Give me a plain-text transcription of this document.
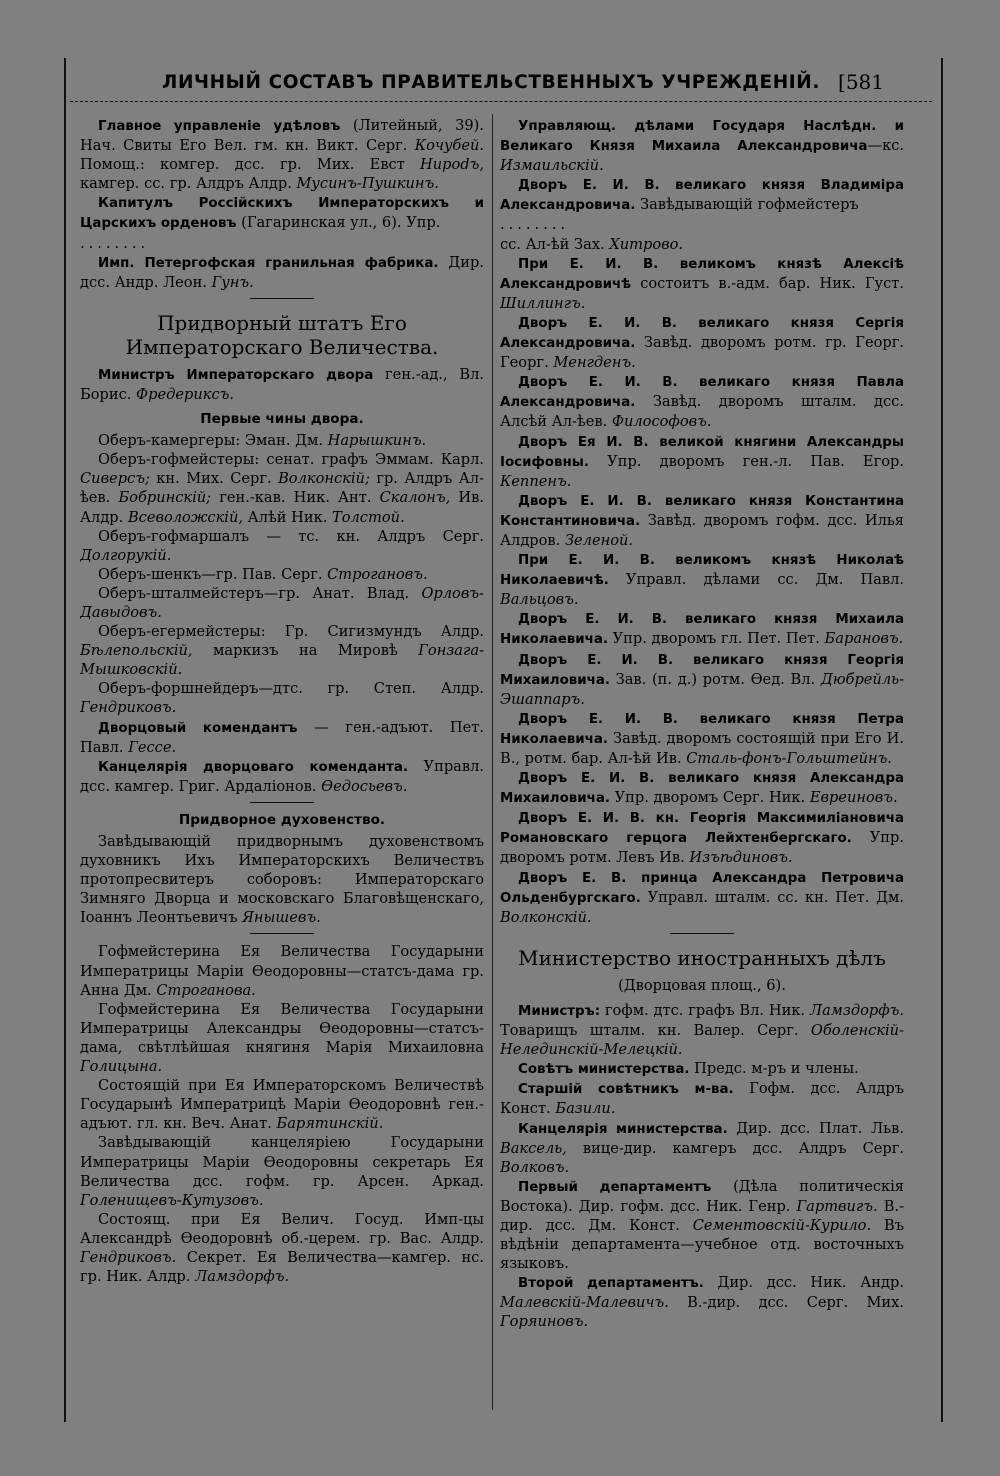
ЛИЧНЫЙ СОСТАВЪ ПРАВИТЕЛЬСТВЕННЫХЪ УЧРЕЖДЕНІЙ. [581

Главное управленіе удѣловъ (Литейный, 39). Нач. Свиты Его Вел. гм. кн. Викт. Серг. Кочубей. Помощ.: комгер. дсс. гр. Мих. Евст Нироdъ, камгер. сс. гр. Алдръ Алдр. Мусинъ-Пушкинъ.

Капитулъ Россійскихъ Императорскихъ и Царскихъ орденовъ (Гагаринская ул., 6). Упр.
........

Имп. Петергофская гранильная фабрика. Дир. дсс. Андр. Леон. Гунъ.

Придворный штатъ Его Императорскаго Величества.

Министръ Императорскаго двора ген.-ад., Вл. Борис. Фредериксъ.

Первые чины двора.

Оберъ-камергеры: Эман. Дм. Нарышкинъ.

Оберъ-гофмейстеры: сенат. графъ Эммам. Карл. Сиверсъ; кн. Мих. Серг. Волконскій; гр. Алдръ Ал-ѣев. Бобринскій; ген.-кав. Ник. Ант. Скалонъ, Ив. Алдр. Всеволожскій, Алѣй Ник. Толстой.

Оберъ-гофмаршалъ — тс. кн. Алдръ Серг. Долгорукій.

Оберъ-шенкъ—гр. Пав. Серг. Строгановъ.

Оберъ-шталмейстеръ—гр. Анат. Влад. Орловъ-Давыдовъ.

Оберъ-егермейстеры: Гр. Сигизмундъ Алдр. Бѣлепольскій, маркизъ на Мировѣ Гонзага-Мышковскій.

Оберъ-форшнейдеръ—дтс. гр. Степ. Алдр. Гендриковъ.

Дворцовый комендантъ — ген.-адъют. Пет. Павл. Гессе.

Канцелярія дворцоваго коменданта. Управл. дсс. камгер. Григ. Ардаліонов. Ѳедосьевъ.

Придворное духовенство.

Завѣдывающій придворнымъ духовенствомъ духовникъ Ихъ Императорскихъ Величествъ протопресвитеръ соборовъ: Императорскаго Зимняго Дворца и московскаго Благовѣщенскаго, Іоаннъ Леонтьевичъ Янышевъ.

Гофмейстерина Ея Величества Государыни Императрицы Маріи Ѳеодоровны—статсъ-дама гр. Анна Дм. Строганова.

Гофмейстерина Ея Величества Государыни Императрицы Александры Ѳеодоровны—статсъ-дама, свѣтлѣйшая княгиня Марія Михаиловна Голицына.

Состоящій при Ея Императорскомъ Величествѣ Государынѣ Императрицѣ Маріи Ѳеодоровнѣ ген.-адъют. гл. кн. Веч. Анат. Барятинскій.

Завѣдывающій канцеляріею Государыни Императрицы Маріи Ѳеодоровны секретарь Ея Величества дсс. гофм. гр. Арсен. Аркад. Голенищевъ-Кутузовъ.

Состоящ. при Ея Велич. Госуд. Имп-цы Александрѣ Ѳеодоровнѣ об.-церем. гр. Вас. Алдр. Гендриковъ. Секрет. Ея Величества—камгер. нс. гр. Ник. Алдр. Ламздорфъ.

Управляющ. дѣлами Государя Наслѣдн. и Великаго Князя Михаила Александровича—кс. Измаильскій.

Дворъ Е. И. В. великаго князя Владиміра Александровича. Завѣдывающій гофмейстеръ
........
сс. Ал-ѣй Зах. Хитрово.

При Е. И. В. великомъ князѣ Алексіѣ Александровичѣ состоитъ в.-адм. бар. Ник. Густ. Шиллингъ.

Дворъ Е. И. В. великаго князя Сергія Александровича. Завѣд. дворомъ ротм. гр. Георг. Георг. Менгденъ.

Дворъ Е. И. В. великаго князя Павла Александровича. Завѣд. дворомъ шталм. дсс. Алсѣй Ал-ѣев. Философовъ.

Дворъ Ея И. В. великой княгини Александры Іосифовны. Упр. дворомъ ген.-л. Пав. Егор. Кеппенъ.

Дворъ Е. И. В. великаго князя Константина Константиновича. Завѣд. дворомъ гофм. дсс. Илья Алдров. Зеленой.

При Е. И. В. великомъ князѣ Николаѣ Николаевичѣ. Управл. дѣлами сс. Дм. Павл. Вальцовъ.

Дворъ Е. И. В. великаго князя Михаила Николаевича. Упр. дворомъ гл. Пет. Пет. Барановъ.

Дворъ Е. И. В. великаго князя Георгія Михаиловича. Зав. (п. д.) ротм. Ѳед. Вл. Дюбрейль-Эшаппаръ.

Дворъ Е. И. В. великаго князя Петра Николаевича. Завѣд. дворомъ состоящій при Его И. В., ротм. бар. Ал-ѣй Ив. Сталь-фонъ-Гольштейнъ.

Дворъ Е. И. В. великаго князя Александра Михаиловича. Упр. дворомъ Серг. Ник. Евреиновъ.

Дворъ Е. И. В. кн. Георгія Максимиліановича Романовскаго герцога Лейхтенбергскаго. Упр. дворомъ ротм. Левъ Ив. Изъѣдиновъ.

Дворъ Е. В. принца Александра Петровича Ольденбургскаго. Управл. шталм. сс. кн. Пет. Дм. Волконскій.

Министерство иностранныхъ дѣлъ
(Дворцовая площ., 6).

Министръ: гофм. дтс. графъ Вл. Ник. Ламздорфъ. Товарищъ шталм. кн. Валер. Серг. Оболенскій-Нелединскій-Мелецкій.

Совѣтъ министерства. Предс. м-ръ и члены.

Старшій совѣтникъ м-ва. Гофм. дсс. Алдръ Конст. Базили.

Канцелярія министерства. Дир. дсс. Плат. Льв. Ваксель, вице-дир. камгеръ дсс. Алдръ Серг. Волковъ.

Первый департаментъ (Дѣла политическія Востока). Дир. гофм. дсс. Ник. Генр. Гартвигъ. В.-дир. дсс. Дм. Конст. Сементовскій-Курило. Въ вѣдѣніи департамента—учебное отд. восточныхъ языковъ.

Второй департаментъ. Дир. дсс. Ник. Андр. Малевскій-Малевичъ. В.-дир. дсс. Серг. Мих. Горяиновъ.
